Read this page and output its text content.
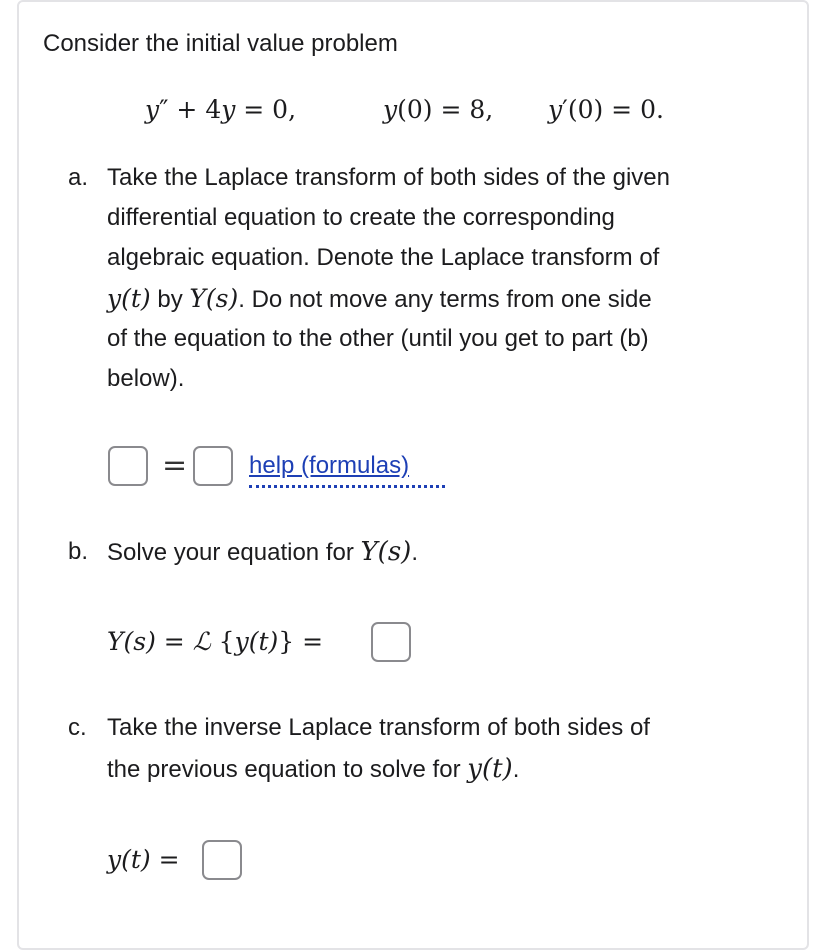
Consider the initial value problem
y″ + 4y = 0,	y(0) = 8, y′(0) = 0.
a. Take the Laplace transform of both sides of the given
differential equation to create the corresponding
algebraic equation. Denote the Laplace transform of
y(t) by Y(s). Do not move any terms from one side
of the equation to the other (until you get to part (b)
below).
=	help (formulas)
b. Solve your equation for Y(s).
Y(s) = ℒ {y(t)} =
c. Take the inverse Laplace transform of both sides of
the previous equation to solve for y(t).
y(t) =
